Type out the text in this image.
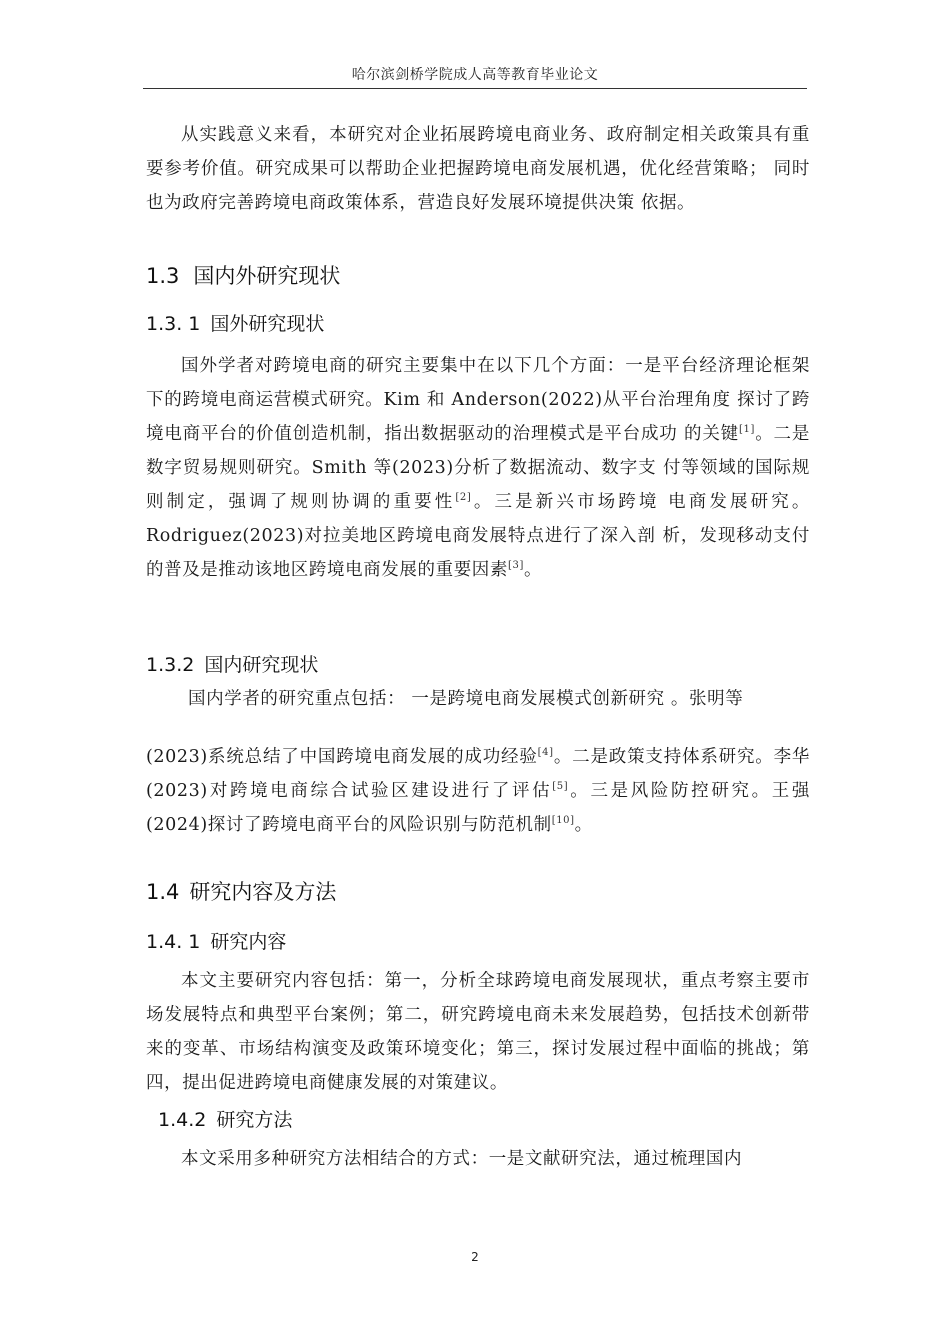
哈尔滨剑桥学院成人高等教育毕业论文

从实践意义来看，本研究对企业拓展跨境电商业务、政府制定相关政策具有重要参考价值。研究成果可以帮助企业把握跨境电商发展机遇，优化经营策略； 同时也为政府完善跨境电商政策体系，营造良好发展环境提供决策 依据。

1.3 国内外研究现状
1.3. 1 国外研究现状

国外学者对跨境电商的研究主要集中在以下几个方面：一是平台经济理论框架下的跨境电商运营模式研究。Kim 和 Anderson(2022)从平台治理角度 探讨了跨境电商平台的价值创造机制，指出数据驱动的治理模式是平台成功 的关键[1]。二是数字贸易规则研究。Smith 等(2023)分析了数据流动、数字支 付等领域的国际规则制定，强调了规则协调的重要性[2]。三是新兴市场跨境 电商发展研究。Rodriguez(2023)对拉美地区跨境电商发展特点进行了深入剖 析，发现移动支付的普及是推动该地区跨境电商发展的重要因素[3]。

1.3.2 国内研究现状
国内学者的研究重点包括： 一是跨境电商发展模式创新研究 。张明等

(2023)系统总结了中国跨境电商发展的成功经验[4]。二是政策支持体系研究。李华(2023)对跨境电商综合试验区建设进行了评估[5]。三是风险防控研究。王强(2024)探讨了跨境电商平台的风险识别与防范机制[10]。

1.4 研究内容及方法
1.4. 1 研究内容

本文主要研究内容包括：第一，分析全球跨境电商发展现状，重点考察主要市场发展特点和典型平台案例；第二，研究跨境电商未来发展趋势，包括技术创新带来的变革、市场结构演变及政策环境变化；第三，探讨发展过程中面临的挑战；第四，提出促进跨境电商健康发展的对策建议。

1.4.2 研究方法

本文采用多种研究方法相结合的方式：一是文献研究法，通过梳理国内

2
